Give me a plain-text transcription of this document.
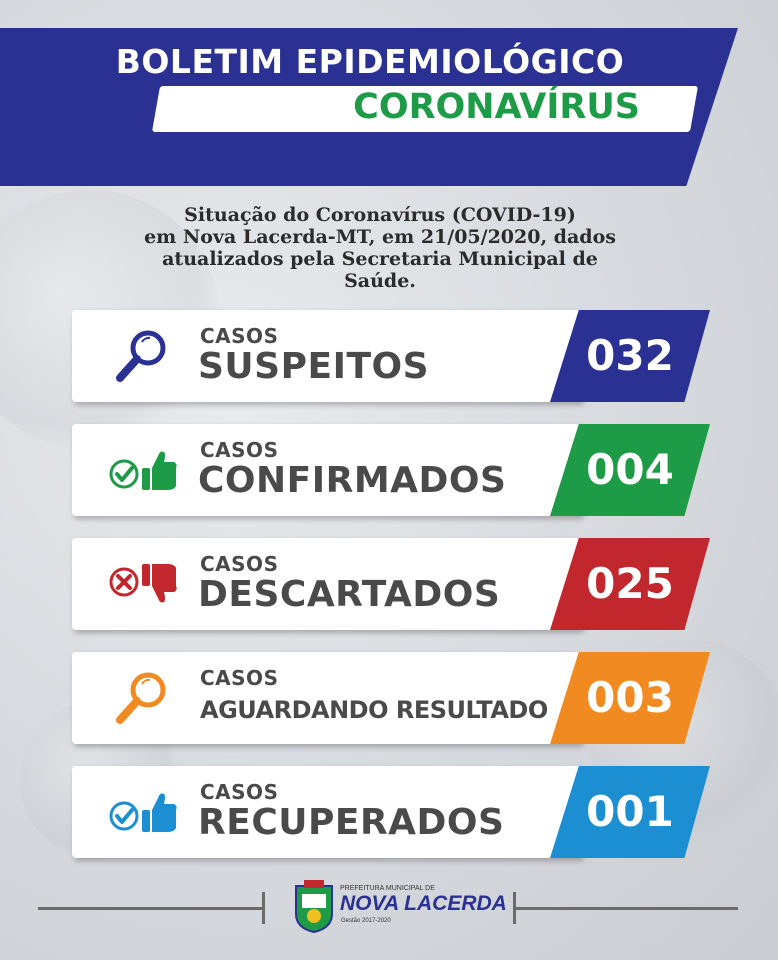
BOLETIM EPIDEMIOLÓGICO
CORONAVÍRUS
Situação do Coronavírus (COVID-19)
em Nova Lacerda-MT, em 21/05/2020, dados
atualizados pela Secretaria Municipal de
Saúde.
032
CASOS
SUSPEITOS
004
CASOS
CONFIRMADOS
025
CASOS
DESCARTADOS
003
CASOS
AGUARDANDO RESULTADO
001
CASOS
RECUPERADOS
PREFEITURA MUNICIPAL DE
NOVA LACERDA
Gestão 2017-2020
